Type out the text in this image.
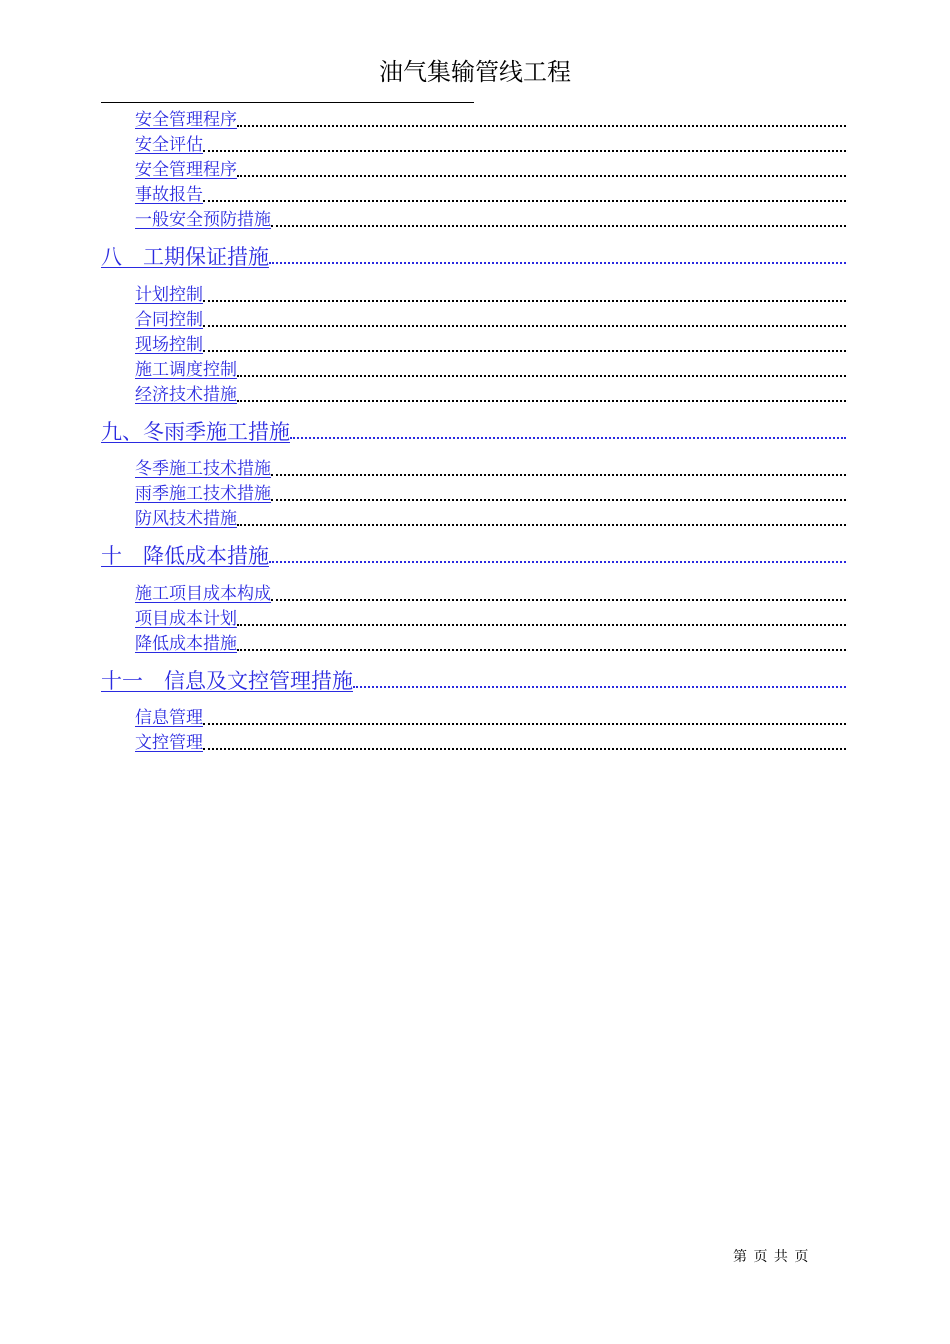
油气集输管线工程
安全管理程序
安全评估
安全管理程序
事故报告
一般安全预防措施
八　工期保证措施
计划控制
合同控制
现场控制
施工调度控制
经济技术措施
九、冬雨季施工措施
冬季施工技术措施
雨季施工技术措施
防风技术措施
十　降低成本措施
施工项目成本构成
项目成本计划
降低成本措施
十一　信息及文控管理措施
信息管理
文控管理
第 页 共 页
